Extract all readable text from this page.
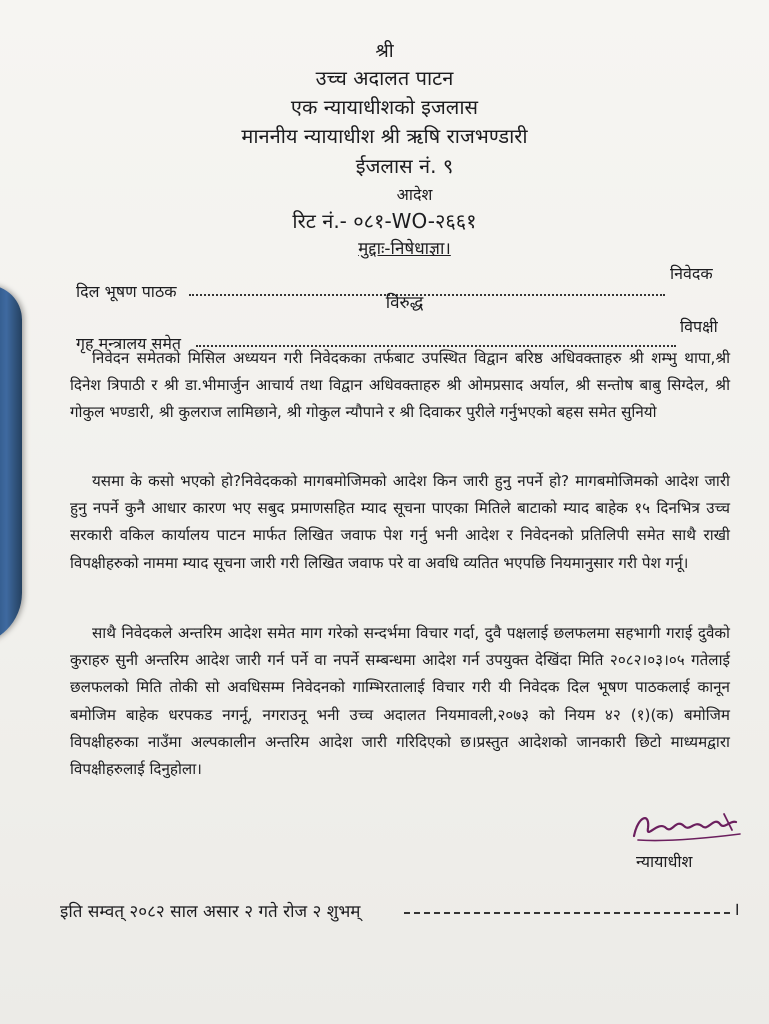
श्री
उच्च अदालत पाटन
एक न्यायाधीशको इजलास
माननीय न्यायाधीश श्री ऋषि राजभण्डारी
ईजलास नं. ९
आदेश
रिट नं.- ०८१-WO-२६६१
मुद्दाः-निषेधाज्ञा।
दिल भूषण पाठक
निवेदक
विरुद्ध
गृह मन्त्रालय समेत
विपक्षी
निवेदन समेतको मिसिल अध्ययन गरी निवेदकका तर्फबाट उपस्थित विद्वान बरिष्ठ अधिवक्ताहरु श्री शम्भु थापा,श्री दिनेश त्रिपाठी र श्री डा.भीमार्जुन आचार्य तथा विद्वान अधिवक्ताहरु श्री ओमप्रसाद अर्याल, श्री सन्तोष बाबु सिग्देल, श्री गोकुल भण्डारी, श्री कुलराज लामिछाने, श्री गोकुल न्यौपाने र श्री दिवाकर पुरीले गर्नुभएको बहस समेत सुनियो
यसमा के कसो भएको हो?निवेदकको मागबमोजिमको आदेश किन जारी हुनु नपर्ने हो? मागबमोजिमको आदेश जारी हुनु नपर्ने कुनै आधार कारण भए सबुद प्रमाणसहित म्याद सूचना पाएका मितिले बाटाको म्याद बाहेक १५ दिनभित्र उच्च सरकारी वकिल कार्यालय पाटन मार्फत लिखित जवाफ पेश गर्नु भनी आदेश र निवेदनको प्रतिलिपी समेत साथै राखी विपक्षीहरुको नाममा म्याद सूचना जारी गरी लिखित जवाफ परे वा अवधि व्यतित भएपछि नियमानुसार गरी पेश गर्नू।
साथै निवेदकले अन्तरिम आदेश समेत माग गरेको सन्दर्भमा विचार गर्दा, दुवै पक्षलाई छलफलमा सहभागी गराई दुवैको कुराहरु सुनी अन्तरिम आदेश जारी गर्न पर्ने वा नपर्ने सम्बन्धमा आदेश गर्न उपयुक्त देखिंदा मिति २०८२।०३।०५ गतेलाई छलफलको मिति तोकी सो अवधिसम्म निवेदनको गाम्भिरतालाई विचार गरी यी निवेदक दिल भूषण पाठकलाई कानून बमोजिम बाहेक धरपकड नगर्नू, नगराउनू भनी उच्च अदालत नियमावली,२०७३ को नियम ४२ (१)(क) बमोजिम विपक्षीहरुका नाउँमा अल्पकालीन अन्तरिम आदेश जारी गरिदिएको छ।प्रस्तुत आदेशको जानकारी छिटो माध्यमद्वारा विपक्षीहरुलाई दिनुहोला।
न्यायाधीश
इति सम्वत् २०८२ साल असार २ गते रोज २ शुभम्	।
